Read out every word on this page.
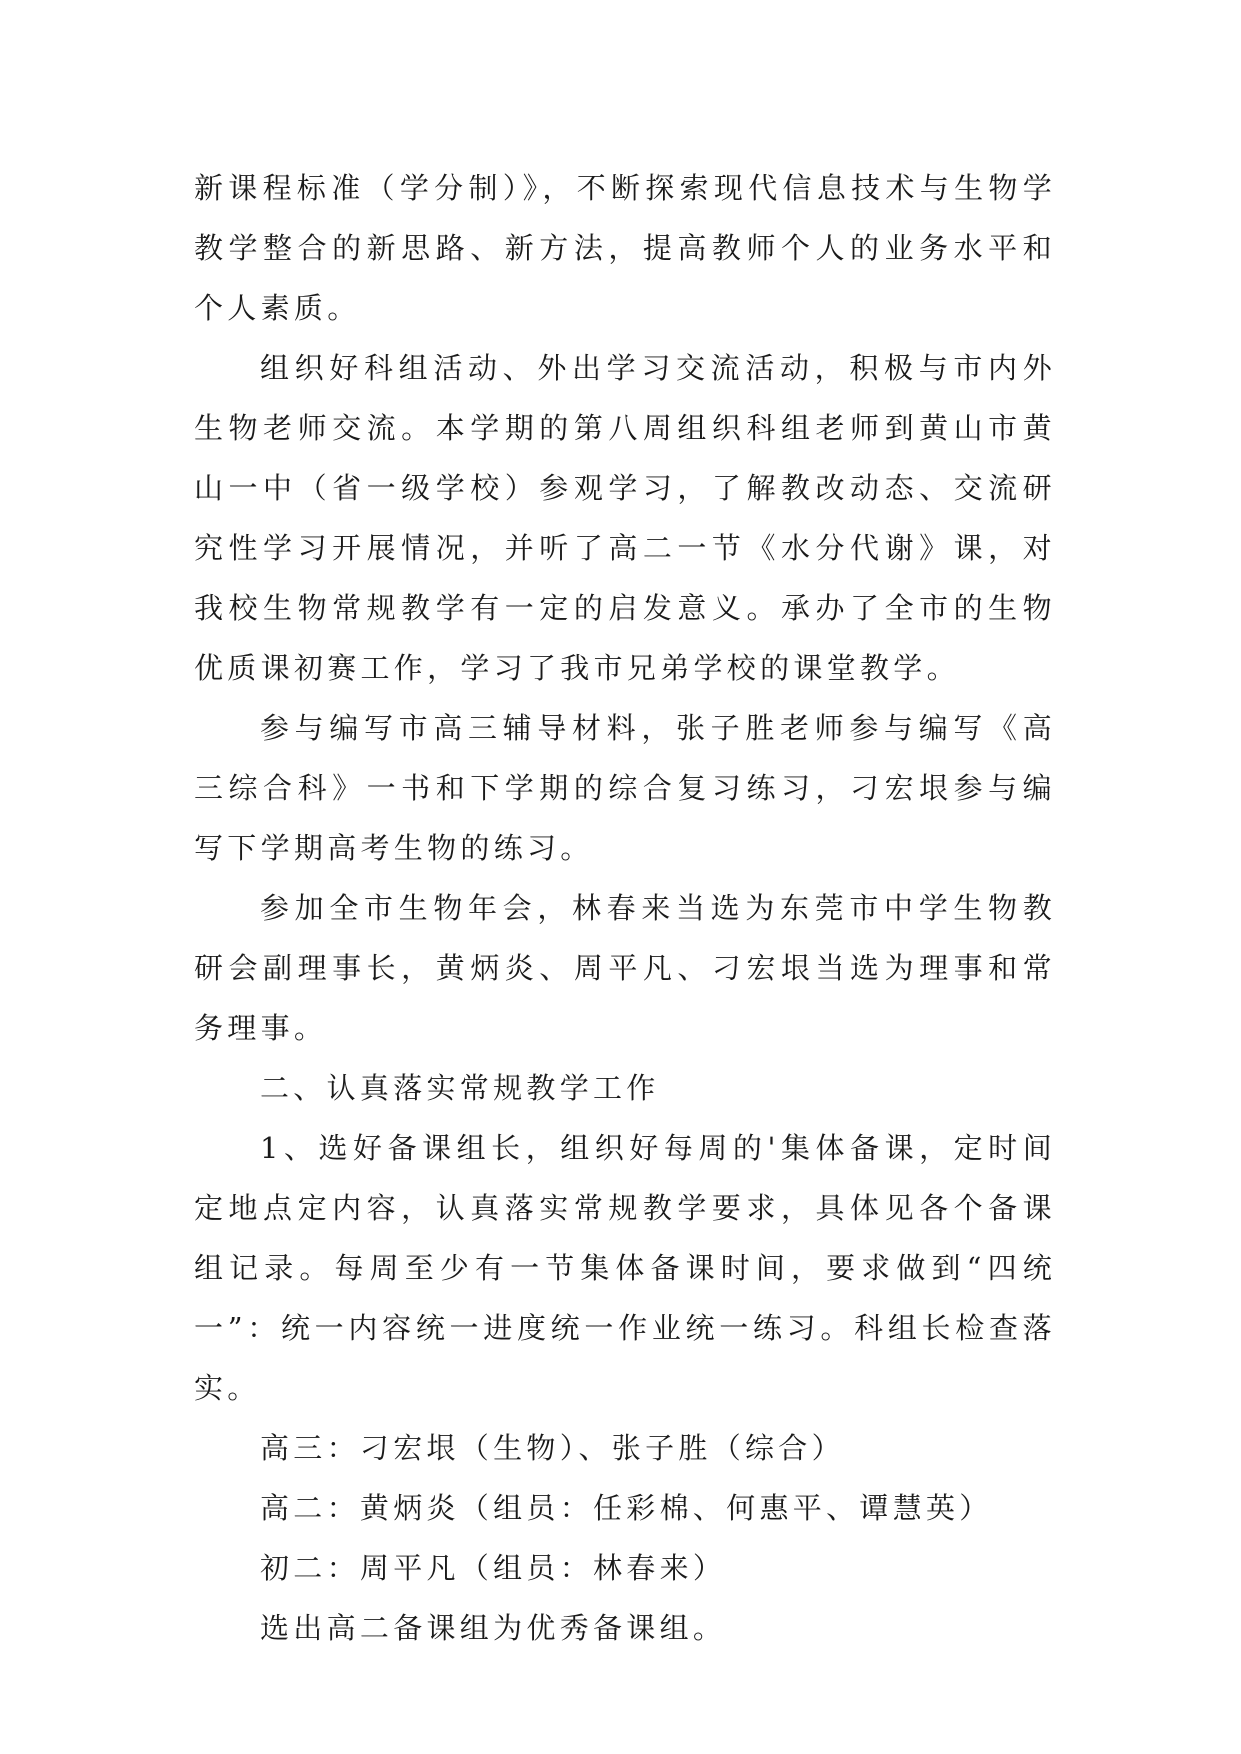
新课程标准（学分制）》，不断探索现代信息技术与生物学教学整合的新思路、新方法，提高教师个人的业务水平和个人素质。

组织好科组活动、外出学习交流活动，积极与市内外生物老师交流。本学期的第八周组织科组老师到黄山市黄山一中（省一级学校）参观学习，了解教改动态、交流研究性学习开展情况，并听了高二一节《水分代谢》课，对我校生物常规教学有一定的启发意义。承办了全市的生物优质课初赛工作，学习了我市兄弟学校的课堂教学。

参与编写市高三辅导材料，张子胜老师参与编写《高三综合科》一书和下学期的综合复习练习，刁宏垠参与编写下学期高考生物的练习。

参加全市生物年会，林春来当选为东莞市中学生物教研会副理事长，黄炳炎、周平凡、刁宏垠当选为理事和常务理事。

二、认真落实常规教学工作

1、选好备课组长，组织好每周的'集体备课，定时间定地点定内容，认真落实常规教学要求，具体见各个备课组记录。每周至少有一节集体备课时间，要求做到“四统一”：统一内容统一进度统一作业统一练习。科组长检查落实。

高三：刁宏垠（生物）、张子胜（综合）

高二：黄炳炎（组员：任彩棉、何惠平、谭慧英）

初二：周平凡（组员：林春来）

选出高二备课组为优秀备课组。
